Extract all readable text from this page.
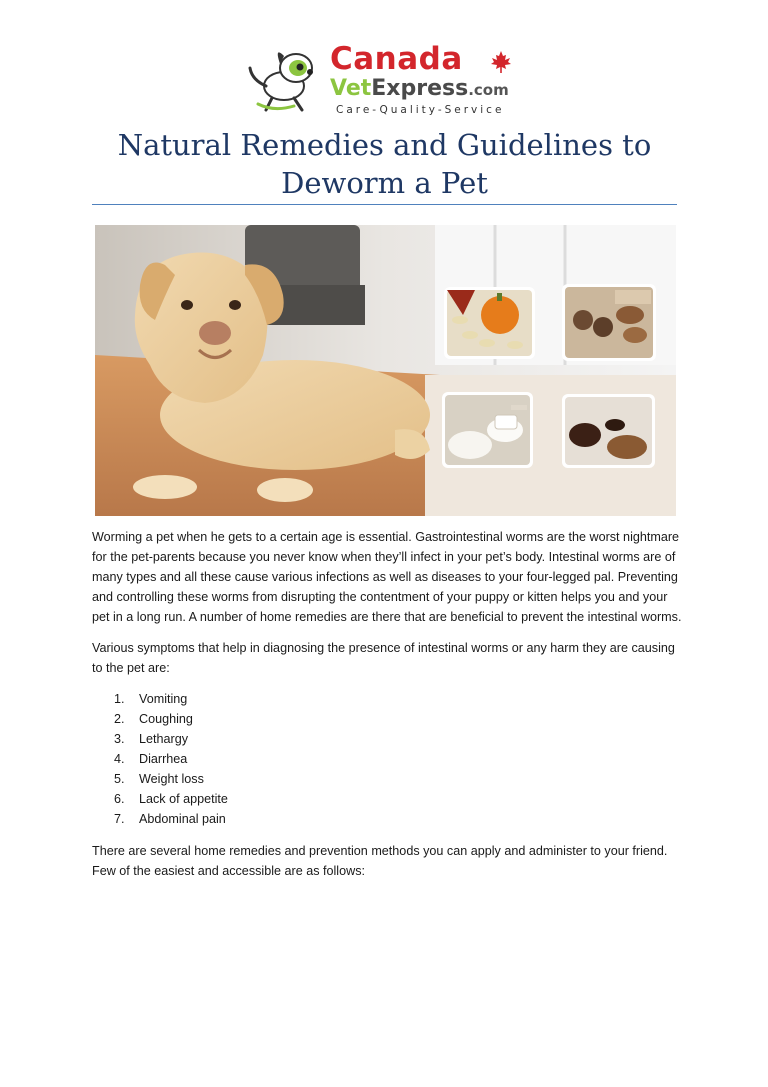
Canada
VetExpress.com
Care-Quality-Service
Natural Remedies and Guidelines to
Deworm a Pet

Worming a pet when he gets to a certain age is essential. Gastrointestinal worms are the worst nightmare for the pet-parents because you never know when they’ll infect in your pet’s body. Intestinal worms are of many types and all these cause various infections as well as diseases to your four-legged pal. Preventing and controlling these worms from disrupting the contentment of your puppy or kitten helps you and your pet in a long run. A number of home remedies are there that are beneficial to prevent the intestinal worms.

Various symptoms that help in diagnosing the presence of intestinal worms or any harm they are causing to the pet are:

1. Vomiting
2. Coughing
3. Lethargy
4. Diarrhea
5. Weight loss
6. Lack of appetite
7. Abdominal pain

There are several home remedies and prevention methods you can apply and administer to your friend. Few of the easiest and accessible are as follows:
